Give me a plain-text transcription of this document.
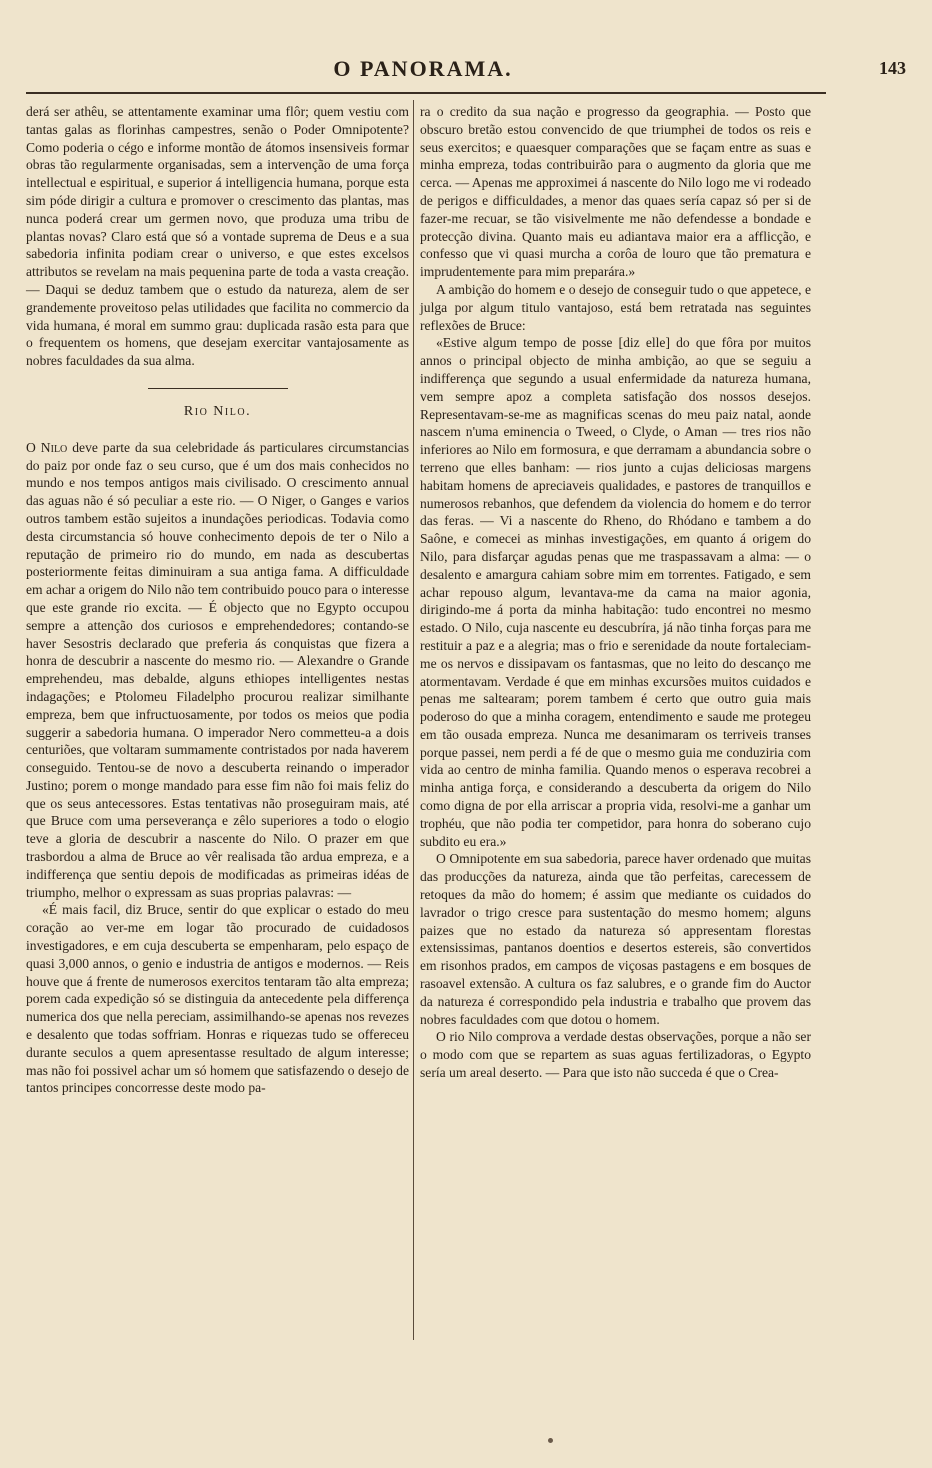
O PANORAMA.	143

derá ser athêu, se attentamente examinar uma flôr; quem vestiu com tantas galas as florinhas campestres, senão o Poder Omnipotente? Como poderia o cégo e informe montão de átomos insensiveis formar obras tão regularmente organisadas, sem a intervenção de uma força intellectual e espiritual, e superior á intelligencia humana, porque esta sim póde dirigir a cultura e promover o crescimento das plantas, mas nunca poderá crear um germen novo, que produza uma tribu de plantas novas? Claro está que só a vontade suprema de Deus e a sua sabedoria infinita podiam crear o universo, e que estes excelsos attributos se revelam na mais pequenina parte de toda a vasta creação. — Daqui se deduz tambem que o estudo da natureza, alem de ser grandemente proveitoso pelas utilidades que facilita no commercio da vida humana, é moral em summo grau: duplicada rasão esta para que o frequentem os homens, que desejam exercitar vantajosamente as nobres faculdades da sua alma.

Rio Nilo.

O Nilo deve parte da sua celebridade ás particulares circumstancias do paiz por onde faz o seu curso, que é um dos mais conhecidos no mundo e nos tempos antigos mais civilisado. O crescimento annual das aguas não é só peculiar a este rio. — O Niger, o Ganges e varios outros tambem estão sujeitos a inundações periodicas. Todavia como desta circumstancia só houve conhecimento depois de ter o Nilo a reputação de primeiro rio do mundo, em nada as descubertas posteriormente feitas diminuiram a sua antiga fama. A difficuldade em achar a origem do Nilo não tem contribuido pouco para o interesse que este grande rio excita. — É objecto que no Egypto occupou sempre a attenção dos curiosos e emprehendedores; contando-se haver Sesostris declarado que preferia ás conquistas que fizera a honra de descubrir a nascente do mesmo rio. — Alexandre o Grande emprehendeu, mas debalde, alguns ethiopes intelligentes nestas indagações; e Ptolomeu Filadelpho procurou realizar similhante empreza, bem que infructuosamente, por todos os meios que podia suggerir a sabedoria humana. O imperador Nero commetteu-a a dois centuriões, que voltaram summamente contristados por nada haverem conseguido. Tentou-se de novo a descuberta reinando o imperador Justino; porem o monge mandado para esse fim não foi mais feliz do que os seus antecessores. Estas tentativas não proseguiram mais, até que Bruce com uma perseverança e zêlo superiores a todo o elogio teve a gloria de descubrir a nascente do Nilo. O prazer em que trasbordou a alma de Bruce ao vêr realisada tão ardua empreza, e a indifferença que sentiu depois de modificadas as primeiras idéas de triumpho, melhor o expressam as suas proprias palavras: —

«É mais facil, diz Bruce, sentir do que explicar o estado do meu coração ao ver-me em logar tão procurado de cuidadosos investigadores, e em cuja descuberta se empenharam, pelo espaço de quasi 3,000 annos, o genio e industria de antigos e modernos. — Reis houve que á frente de numerosos exercitos tentaram tão alta empreza; porem cada expedição só se distinguia da antecedente pela differença numerica dos que nella pereciam, assimilhando-se apenas nos revezes e desalento que todas soffriam. Honras e riquezas tudo se offereceu durante seculos a quem apresentasse resultado de algum interesse; mas não foi possivel achar um só homem que satisfazendo o desejo de tantos principes concorresse deste modo pa-

ra o credito da sua nação e progresso da geographia. — Posto que obscuro bretão estou convencido de que triumphei de todos os reis e seus exercitos; e quaesquer comparações que se façam entre as suas e minha empreza, todas contribuirão para o augmento da gloria que me cerca. — Apenas me approximei á nascente do Nilo logo me vi rodeado de perigos e difficuldades, a menor das quaes sería capaz só per si de fazer-me recuar, se tão visivelmente me não defendesse a bondade e protecção divina. Quanto mais eu adiantava maior era a afflicção, e confesso que vi quasi murcha a corôa de louro que tão prematura e imprudentemente para mim preparára.»

A ambição do homem e o desejo de conseguir tudo o que appetece, e julga por algum titulo vantajoso, está bem retratada nas seguintes reflexões de Bruce:

«Estive algum tempo de posse [diz elle] do que fôra por muitos annos o principal objecto de minha ambição, ao que se seguiu a indifferença que segundo a usual enfermidade da natureza humana, vem sempre apoz a completa satisfação dos nossos desejos. Representavam-se-me as magnificas scenas do meu paiz natal, aonde nascem n'uma eminencia o Tweed, o Clyde, o Aman — tres rios não inferiores ao Nilo em formosura, e que derramam a abundancia sobre o terreno que elles banham: — rios junto a cujas deliciosas margens habitam homens de apreciaveis qualidades, e pastores de tranquillos e numerosos rebanhos, que defendem da violencia do homem e do terror das feras. — Vi a nascente do Rheno, do Rhódano e tambem a do Saône, e comecei as minhas investigações, em quanto á origem do Nilo, para disfarçar agudas penas que me traspassavam a alma: — o desalento e amargura cahiam sobre mim em torrentes. Fatigado, e sem achar repouso algum, levantava-me da cama na maior agonia, dirigindo-me á porta da minha habitação: tudo encontrei no mesmo estado. O Nilo, cuja nascente eu descubríra, já não tinha forças para me restituir a paz e a alegria; mas o frio e serenidade da noute fortaleciam-me os nervos e dissipavam os fantasmas, que no leito do descanço me atormentavam. Verdade é que em minhas excursões muitos cuidados e penas me saltearam; porem tambem é certo que outro guia mais poderoso do que a minha coragem, entendimento e saude me protegeu em tão ousada empreza. Nunca me desanimaram os terriveis transes porque passei, nem perdi a fé de que o mesmo guia me conduziria com vida ao centro de minha familia. Quando menos o esperava recobrei a minha antiga força, e considerando a descuberta da origem do Nilo como digna de por ella arriscar a propria vida, resolvi-me a ganhar um trophéu, que não podia ter competidor, para honra do soberano cujo subdito eu era.»

O Omnipotente em sua sabedoria, parece haver ordenado que muitas das producções da natureza, ainda que tão perfeitas, carecessem de retoques da mão do homem; é assim que mediante os cuidados do lavrador o trigo cresce para sustentação do mesmo homem; alguns paizes que no estado da natureza só appresentam florestas extensissimas, pantanos doentios e desertos estereis, são convertidos em risonhos prados, em campos de viçosas pastagens e em bosques de rasoavel extensão. A cultura os faz salubres, e o grande fim do Auctor da natureza é correspondido pela industria e trabalho que provem das nobres faculdades com que dotou o homem.

O rio Nilo comprova a verdade destas observações, porque a não ser o modo com que se repartem as suas aguas fertilizadoras, o Egypto sería um areal deserto. — Para que isto não succeda é que o Crea-
